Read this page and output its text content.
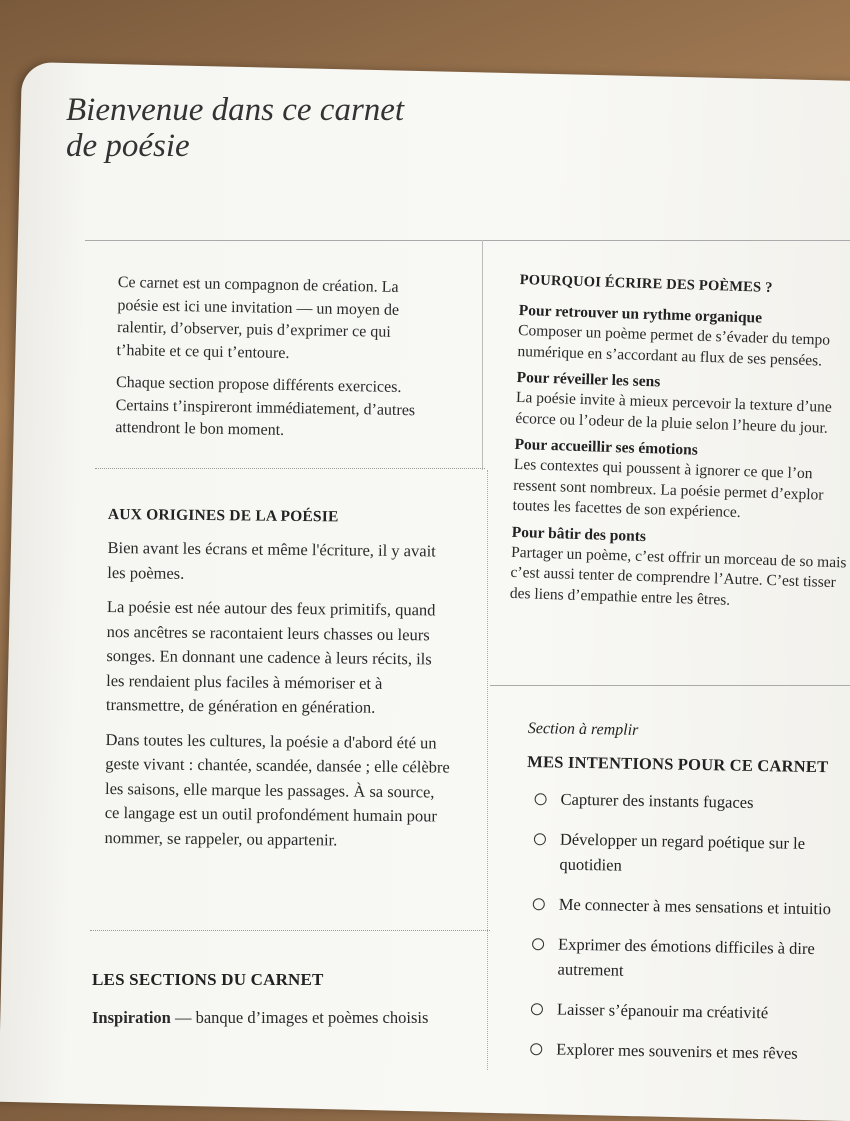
Bienvenue dans ce carnet de poésie

Ce carnet est un compagnon de création. La poésie est ici une invitation — un moyen de ralentir, d’observer, puis d’exprimer ce qui t’habite et ce qui t’entoure.

Chaque section propose différents exercices. Certains t’inspireront immédiatement, d’autres attendront le bon moment.

AUX ORIGINES DE LA POÉSIE

Bien avant les écrans et même l'écriture, il y avait les poèmes.

La poésie est née autour des feux primitifs, quand nos ancêtres se racontaient leurs chasses ou leurs songes. En donnant une cadence à leurs récits, ils les rendaient plus faciles à mémoriser et à transmettre, de génération en génération.

Dans toutes les cultures, la poésie a d'abord été un geste vivant : chantée, scandée, dansée ; elle célèbre les saisons, elle marque les passages. À sa source, ce langage est un outil profondément humain pour nommer, se rappeler, ou appartenir.

LES SECTIONS DU CARNET

Inspiration — banque d’images et poèmes choisis

POURQUOI ÉCRIRE DES POÈMES ?
Pour retrouver un rythme organique
Composer un poème permet de s’évader du tempo numérique en s’accordant au flux de ses pensées.
Pour réveiller les sens
La poésie invite à mieux percevoir la texture d’une écorce ou l’odeur de la pluie selon l’heure du jour.
Pour accueillir ses émotions
Les contextes qui poussent à ignorer ce que l’on ressent sont nombreux. La poésie permet d’explor toutes les facettes de son expérience.
Pour bâtir des ponts
Partager un poème, c’est offrir un morceau de so mais c’est aussi tenter de comprendre l’Autre. C’est tisser des liens d’empathie entre les êtres.
Section à remplir
MES INTENTIONS POUR CE CARNET
Capturer des instants fugaces
Développer un regard poétique sur le quotidien
Me connecter à mes sensations et intuitio
Exprimer des émotions difficiles à dire autrement
Laisser s’épanouir ma créativité
Explorer mes souvenirs et mes rêves
